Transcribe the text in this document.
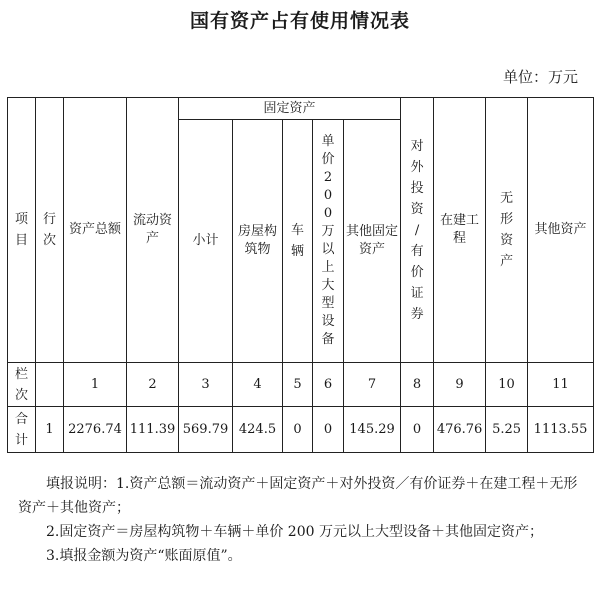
国有资产占有使用情况表
单位：万元
项目	行次	资产总额	流动资产	固定资产					对外投资/有价证券	在建工程	无形资产	其他资产
				小计	房屋构筑物	车辆	单价200万以上大型设备	其他固定资产				

栏次		1	2	3	4	5	6	7	8	9	10	11

合计	1	2276.74	111.39	569.79	424.5	0	0	145.29	0	476.76	5.25	1113.55

填报说明：1.资产总额＝流动资产＋固定资产＋对外投资／有价证券＋在建工程＋无形资产＋其他资产；

2.固定资产＝房屋构筑物＋车辆＋单价 200 万元以上大型设备＋其他固定资产；

3.填报金额为资产“账面原值”。
